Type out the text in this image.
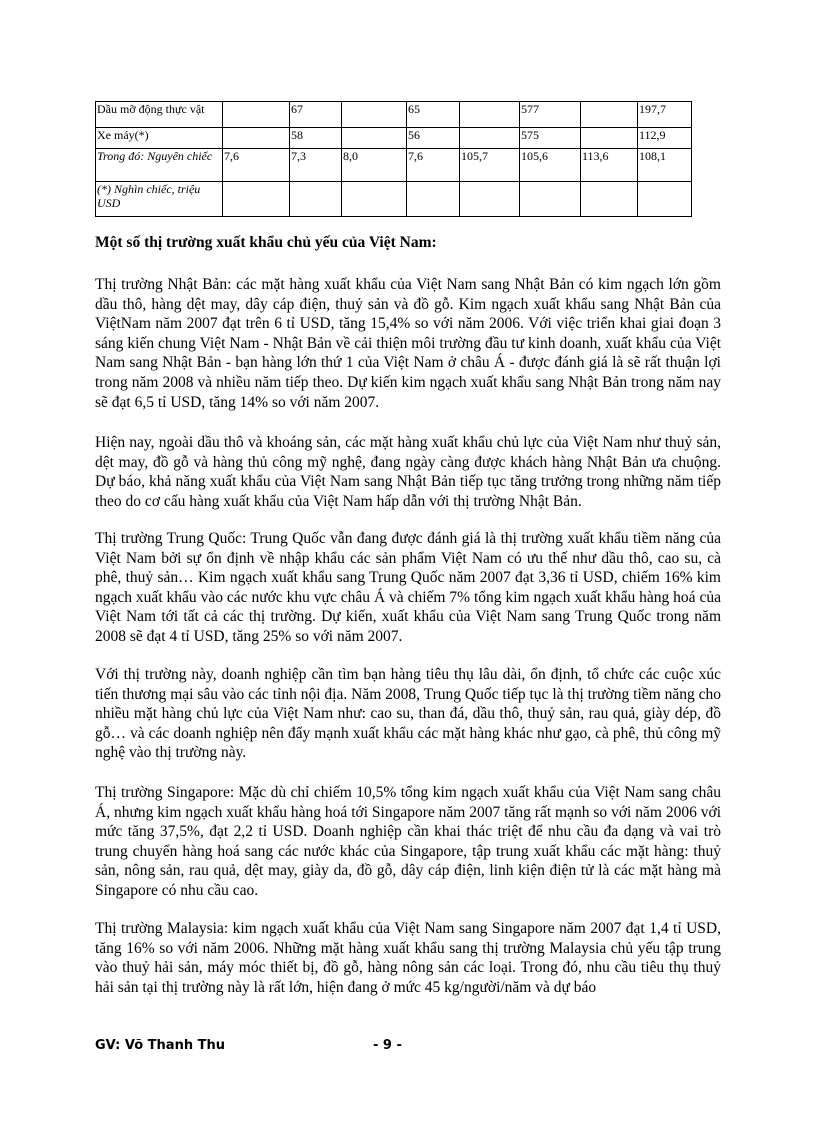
Dầu mỡ động thực vật		67		65		577		197,7
Xe máy(*)		58		56		575		112,9
Trong đó: Nguyên chiếc	7,6	7,3	8,0	7,6	105,7	105,6	113,6	108,1
(*) Nghìn chiếc, triệu USD								
Một số thị trường xuất khẩu chủ yếu của Việt Nam:

Thị trường Nhật Bản: các mặt hàng xuất khẩu của Việt Nam sang Nhật Bản có kim ngạch lớn gồm dầu thô, hàng dệt may, dây cáp điện, thuỷ sản và đồ gỗ. Kim ngạch xuất khẩu sang Nhật Bản của ViệtNam năm 2007 đạt trên 6 tỉ USD, tăng 15,4% so với năm 2006. Với việc triển khai giai đoạn 3 sáng kiến chung Việt Nam - Nhật Bản về cải thiện môi trường đầu tư kinh doanh, xuất khẩu của Việt Nam sang Nhật Bản - bạn hàng lớn thứ 1 của Việt Nam ở châu Á - được đánh giá là sẽ rất thuận lợi trong năm 2008 và nhiều năm tiếp theo. Dự kiến kim ngạch xuất khẩu sang Nhật Bản trong năm nay sẽ đạt 6,5 tỉ USD, tăng 14% so với năm 2007.

Hiện nay, ngoài dầu thô và khoáng sản, các mặt hàng xuất khẩu chủ lực của Việt Nam như thuỷ sản, dệt may, đồ gỗ và hàng thủ công mỹ nghệ, đang ngày càng được khách hàng Nhật Bản ưa chuộng. Dự báo, khả năng xuất khẩu của Việt Nam sang Nhật Bản tiếp tục tăng trưởng trong những năm tiếp theo do cơ cấu hàng xuất khẩu của Việt Nam hấp dẫn với thị trường Nhật Bản.

Thị trường Trung Quốc: Trung Quốc vẫn đang được đánh giá là thị trường xuất khẩu tiềm năng của Việt Nam bởi sự ổn định về nhập khẩu các sản phẩm Việt Nam có ưu thế như dầu thô, cao su, cà phê, thuỷ sản… Kim ngạch xuất khẩu sang Trung Quốc năm 2007 đạt 3,36 tỉ USD, chiếm 16% kim ngạch xuất khẩu vào các nước khu vực châu Á và chiếm 7% tổng kim ngạch xuất khẩu hàng hoá của Việt Nam tới tất cả các thị trường. Dự kiến, xuất khẩu của Việt Nam sang Trung Quốc trong năm 2008 sẽ đạt 4 tỉ USD, tăng 25% so với năm 2007.

Với thị trường này, doanh nghiệp cần tìm bạn hàng tiêu thụ lâu dài, ổn định, tổ chức các cuộc xúc tiến thương mại sâu vào các tỉnh nội địa. Năm 2008, Trung Quốc tiếp tục là thị trường tiềm năng cho nhiều mặt hàng chủ lực của Việt Nam như: cao su, than đá, dầu thô, thuỷ sản, rau quả, giày dép, đồ gỗ… và các doanh nghiệp nên đẩy mạnh xuất khẩu các mặt hàng khác như gạo, cà phê, thủ công mỹ nghệ vào thị trường này.

Thị trường Singapore: Mặc dù chỉ chiếm 10,5% tổng kim ngạch xuất khẩu của Việt Nam sang châu Á, nhưng kim ngạch xuất khẩu hàng hoá tới Singapore năm 2007 tăng rất mạnh so với năm 2006 với mức tăng 37,5%, đạt 2,2 tỉ USD. Doanh nghiệp cần khai thác triệt để nhu cầu đa dạng và vai trò trung chuyển hàng hoá sang các nước khác của Singapore, tập trung xuất khẩu các mặt hàng: thuỷ sản, nông sản, rau quả, dệt may, giày da, đồ gỗ, dây cáp điện, linh kiện điện tử là các mặt hàng mà Singapore có nhu cầu cao.

Thị trường Malaysia: kim ngạch xuất khẩu của Việt Nam sang Singapore năm 2007 đạt 1,4 tỉ USD, tăng 16% so với năm 2006. Những mặt hàng xuất khẩu sang thị trường Malaysia chủ yếu tập trung vào thuỷ hải sản, máy móc thiết bị, đồ gỗ, hàng nông sản các loại. Trong đó, nhu cầu tiêu thụ thuỷ hải sản tại thị trường này là rất lớn, hiện đang ở mức 45 kg/người/năm và dự báo

GV: Võ Thanh Thu	- 9 -
